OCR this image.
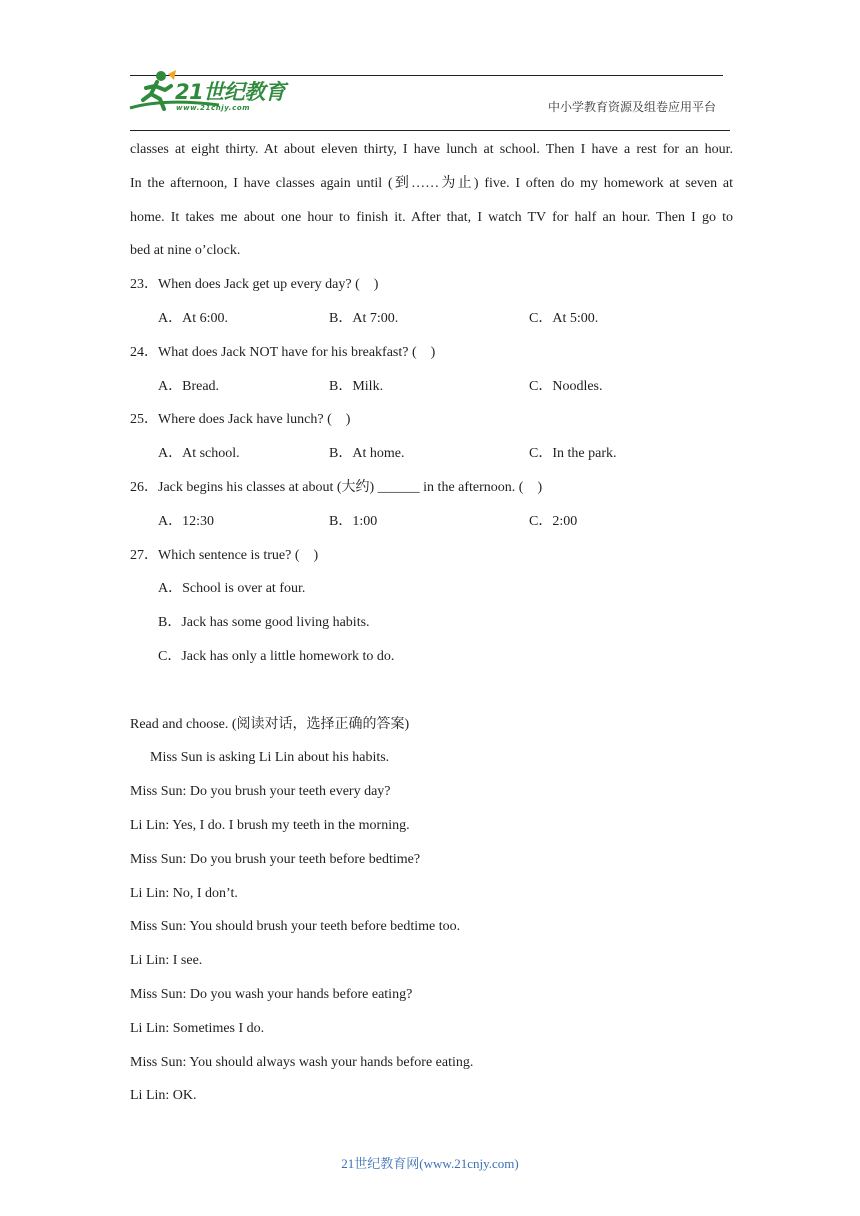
21世纪教育
www.21cnjy.com	中小学教育资源及组卷应用平台
classes at eight thirty. At about eleven thirty, I have lunch at school. Then I have a rest for an hour.
In the afternoon, I have classes again until (到……为止) five. I often do my homework at seven at
home. It takes me about one hour to finish it. After that, I watch TV for half an hour. Then I go to
bed at nine o’clock.
23．When does Jack get up every day? (　)
A．At 6:00.	B．At 7:00.	C．At 5:00.
24．What does Jack NOT have for his breakfast? (　)
A．Bread.	B．Milk.	C．Noodles.
25．Where does Jack have lunch? (　)
A．At school.	B．At home.	C．In the park.
26．Jack begins his classes at about (大约) ______ in the afternoon. (　)
A．12:30	B．1:00	C．2:00
27．Which sentence is true? (　)
A．School is over at four.
B．Jack has some good living habits.
C．Jack has only a little homework to do.
Read and choose. (阅读对话，选择正确的答案)
Miss Sun is asking Li Lin about his habits.
Miss Sun: Do you brush your teeth every day?
Li Lin: Yes, I do. I brush my teeth in the morning.
Miss Sun: Do you brush your teeth before bedtime?
Li Lin: No, I don’t.
Miss Sun: You should brush your teeth before bedtime too.
Li Lin: I see.
Miss Sun: Do you wash your hands before eating?
Li Lin: Sometimes I do.
Miss Sun: You should always wash your hands before eating.
Li Lin: OK.
21世纪教育网(www.21cnjy.com)
